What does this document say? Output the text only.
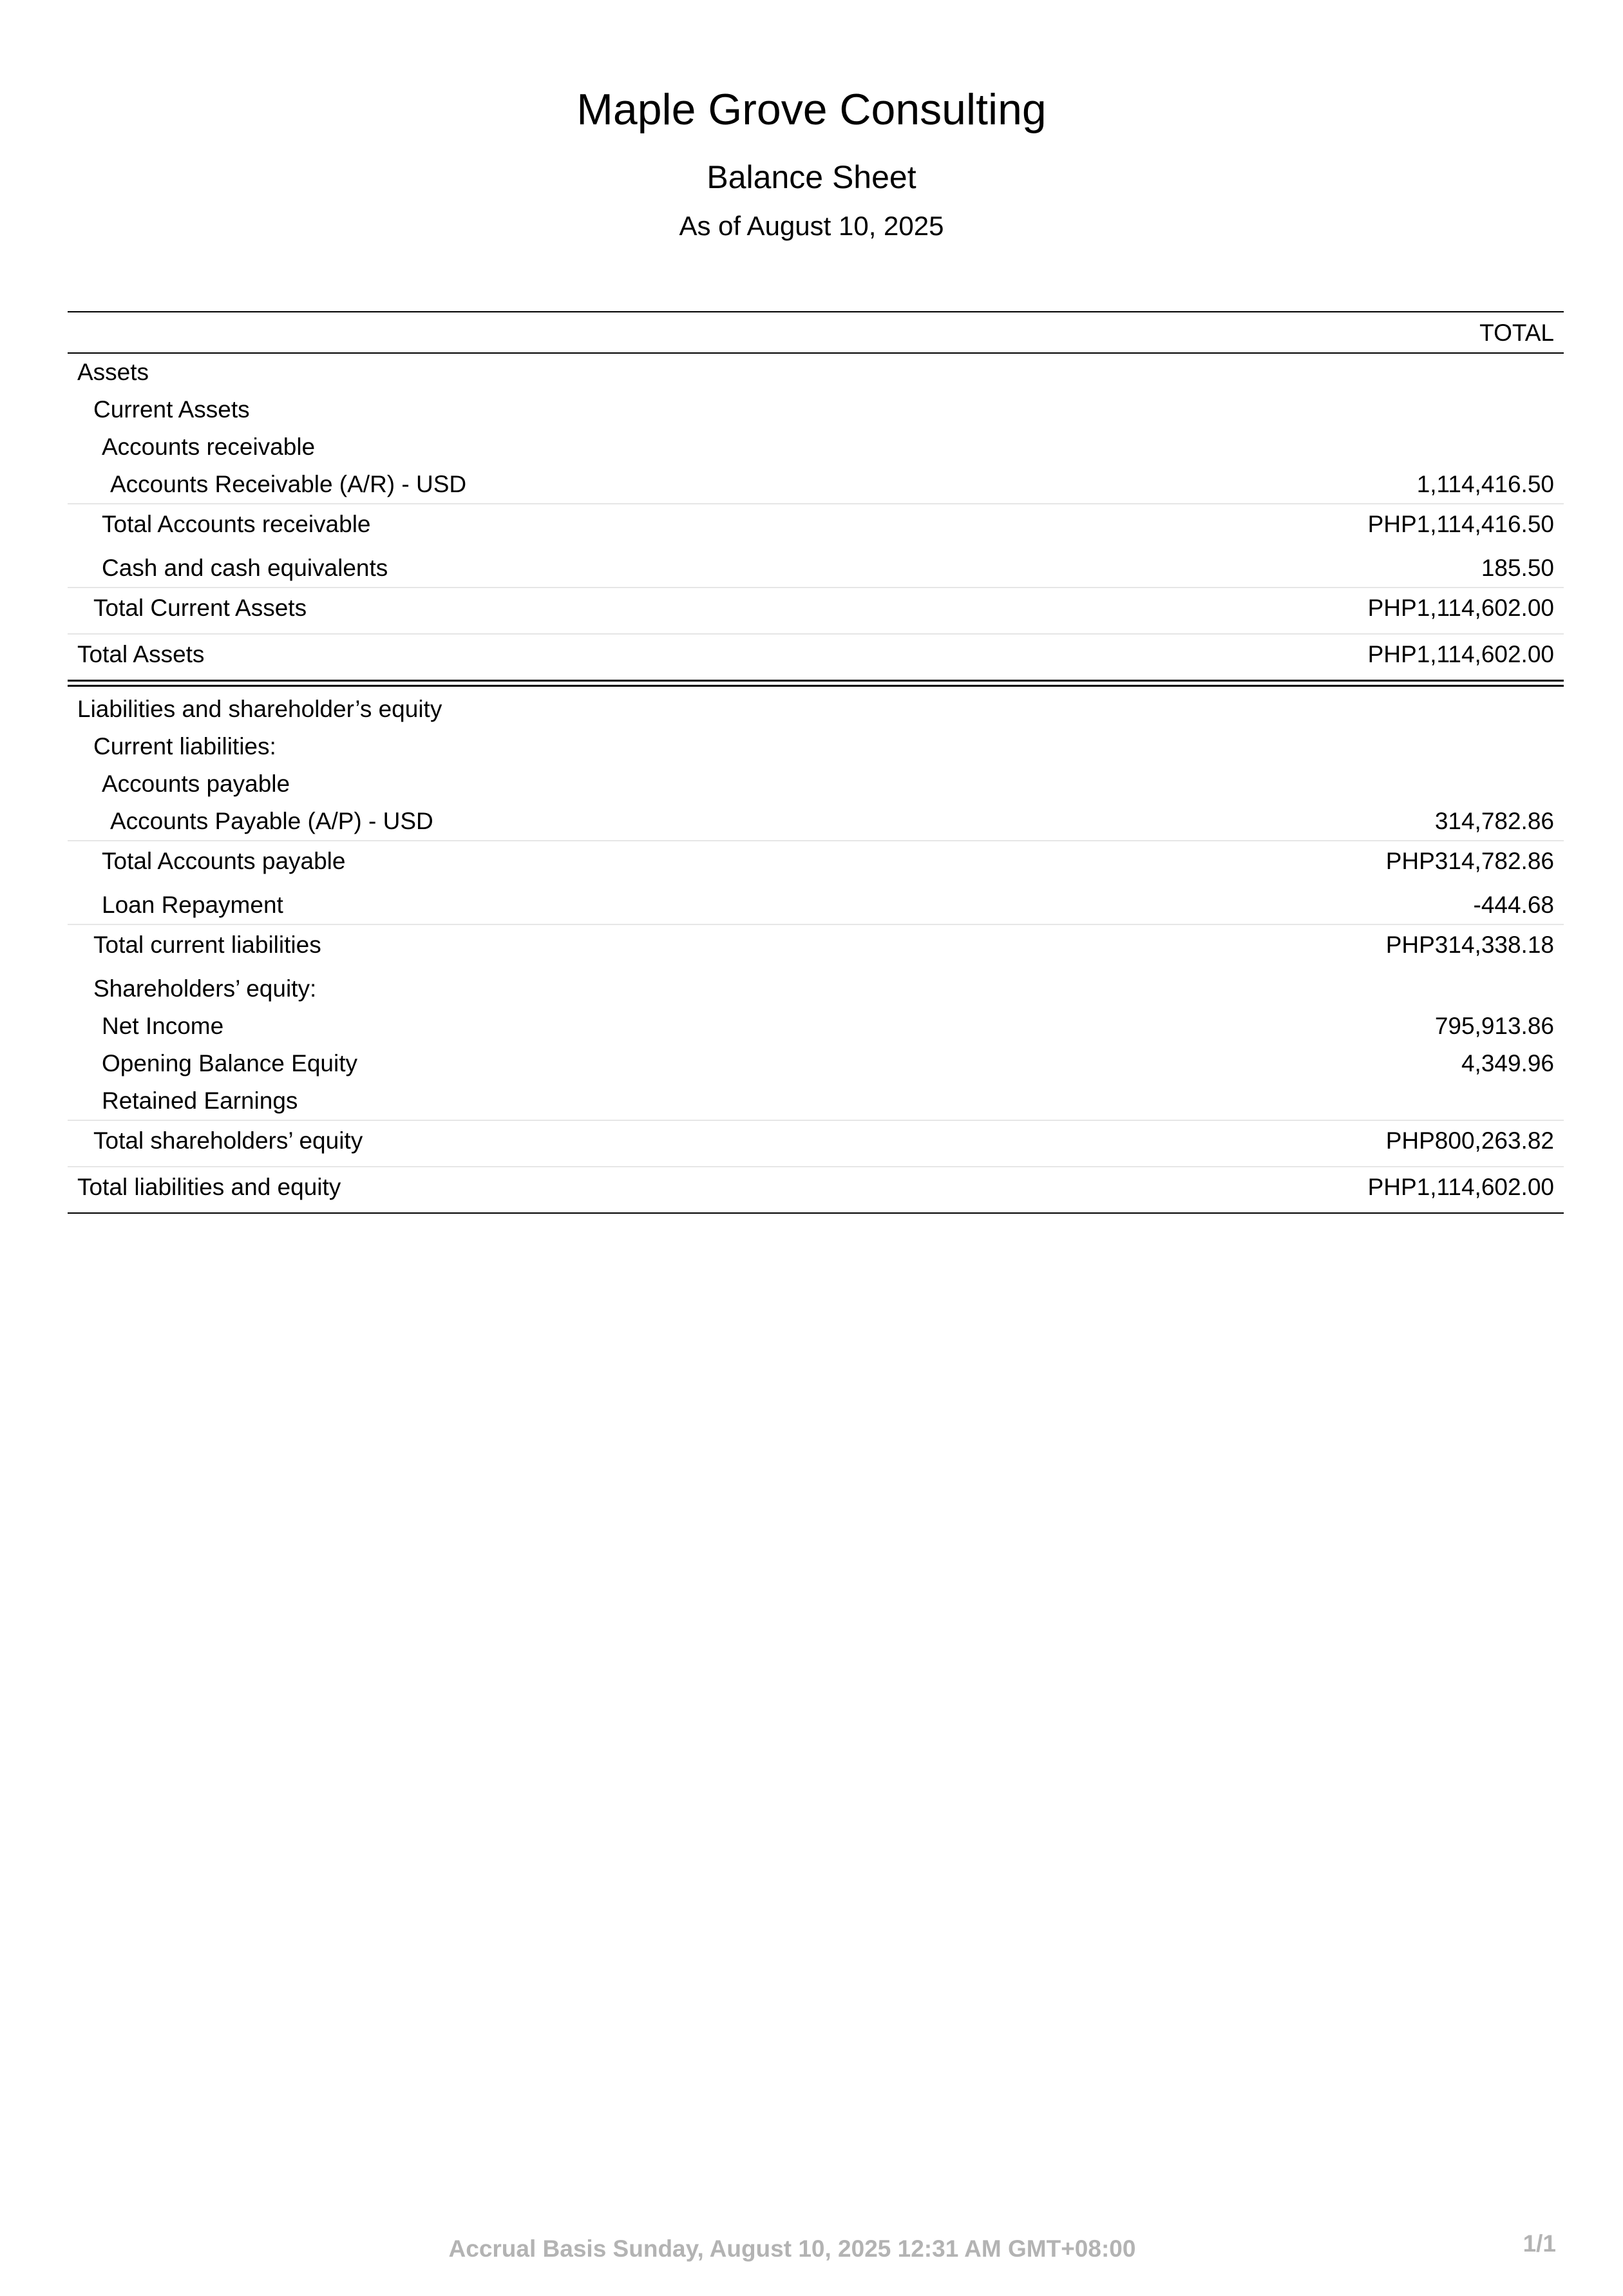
Maple Grove Consulting
Balance Sheet
As of August 10, 2025
TOTAL
Assets
Current Assets
Accounts receivable
Accounts Receivable (A/R) - USD	1,114,416.50
Total Accounts receivable	PHP1,114,416.50
Cash and cash equivalents	185.50
Total Current Assets	PHP1,114,602.00
Total Assets	PHP1,114,602.00
Liabilities and shareholder’s equity
Current liabilities:
Accounts payable
Accounts Payable (A/P) - USD	314,782.86
Total Accounts payable	PHP314,782.86
Loan Repayment	-444.68
Total current liabilities	PHP314,338.18
Shareholders’ equity:
Net Income	795,913.86
Opening Balance Equity	4,349.96
Retained Earnings
Total shareholders’ equity	PHP800,263.82
Total liabilities and equity	PHP1,114,602.00
Accrual Basis Sunday, August 10, 2025 12:31 AM GMT+08:00	1/1
